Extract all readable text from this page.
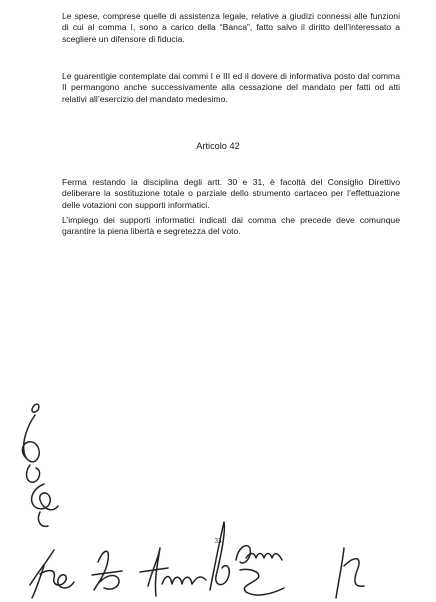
Le spese, comprese quelle di assistenza legale, relative a giudizi connessi alle funzioni di cui al comma I, sono a carico della “Banca”, fatto salvo il diritto dell’interessato a scegliere un difensore di fiducia.

Le guarentigie contemplate dai commi I e III ed il dovere di informativa posto dal comma II permangono anche successivamente alla cessazione del mandato per fatti od atti relativi all’esercizio del mandato medesimo.

Articolo 42

Ferma restando la disciplina degli artt. 30 e 31, è facoltà del Consiglio Direttivo deliberare la sostituzione totale o parziale dello strumento cartaceo per l’effettuazione delle votazioni con supporti informatici.

L’impiego dei supporti informatici indicati dal comma che precede deve comunque garantire la piena libertà e segretezza del voto.

33
